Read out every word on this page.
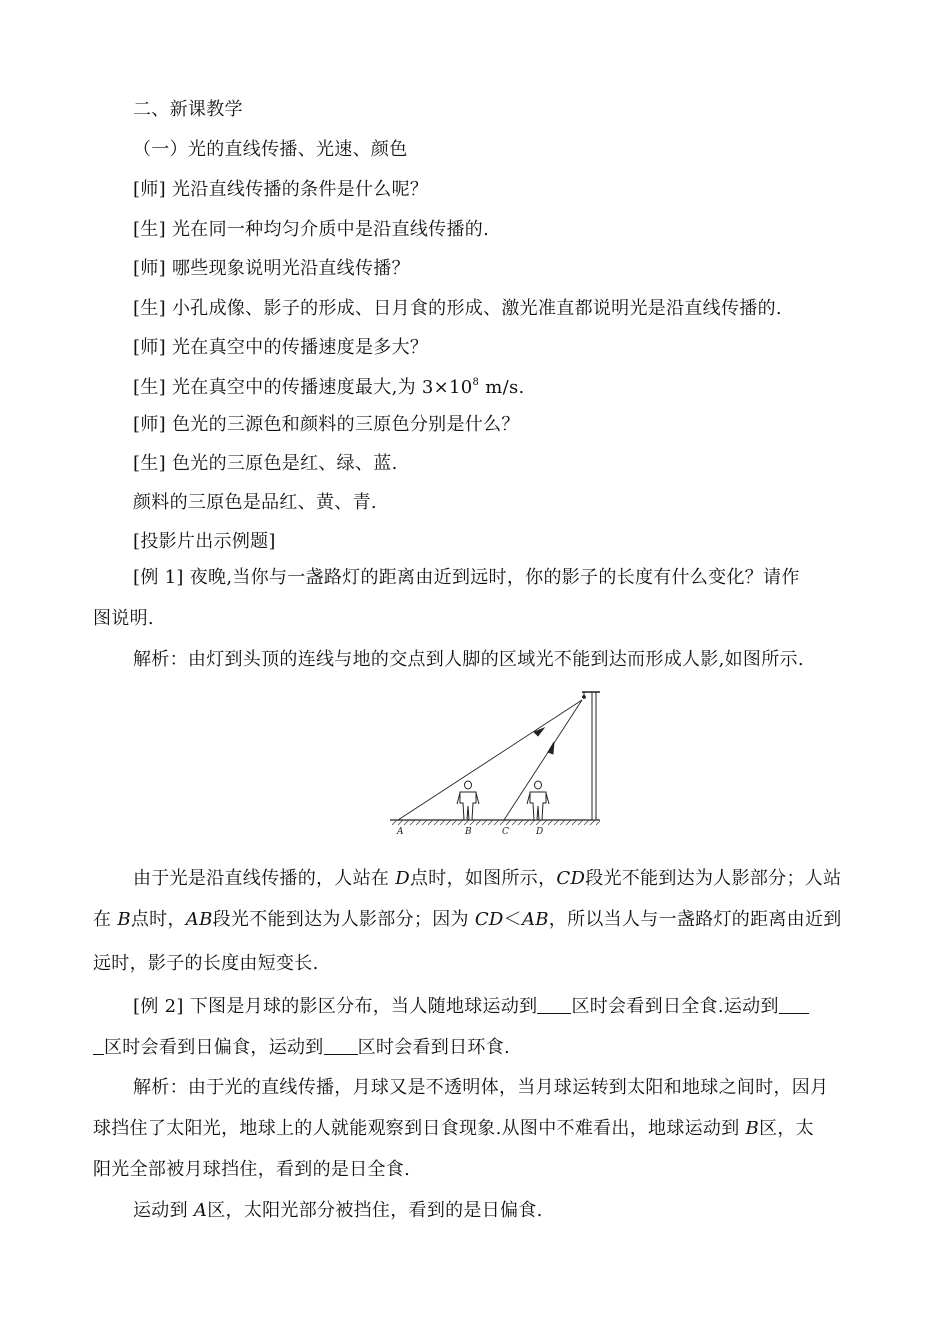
二、新课教学
（一）光的直线传播、光速、颜色
[师] 光沿直线传播的条件是什么呢？
[生] 光在同一种均匀介质中是沿直线传播的.
[师] 哪些现象说明光沿直线传播？
[生] 小孔成像、影子的形成、日月食的形成、激光准直都说明光是沿直线传播的.
[师] 光在真空中的传播速度是多大？
[生] 光在真空中的传播速度最大,为 $3\times 10^8$ m/s.
[师] 色光的三源色和颜料的三原色分别是什么？
[生] 色光的三原色是红、绿、蓝.
颜料的三原色是品红、黄、青.
[投影片出示例题]
[例 1] 夜晚,当你与一盏路灯的距离由近到远时，你的影子的长度有什么变化？请作
图说明.
解析：由灯到头顶的连线与地的交点到人脚的区域光不能到达而形成人影,如图所示.
A	B	C	D
由于光是沿直线传播的，人站在 D点时，如图所示，CD段光不能到达为人影部分；人站
在 B点时，AB段光不能到达为人影部分；因为 CD＜AB，所以当人与一盏路灯的距离由近到
远时，影子的长度由短变长.
[例 2] 下图是月球的影区分布，当人随地球运动到 区时会看到日全食.运动到
区时会看到日偏食，运动到 区时会看到日环食.
解析：由于光的直线传播，月球又是不透明体，当月球运转到太阳和地球之间时，因月
球挡住了太阳光，地球上的人就能观察到日食现象.从图中不难看出，地球运动到 B区，太
阳光全部被月球挡住，看到的是日全食.
运动到 A区，太阳光部分被挡住，看到的是日偏食.
